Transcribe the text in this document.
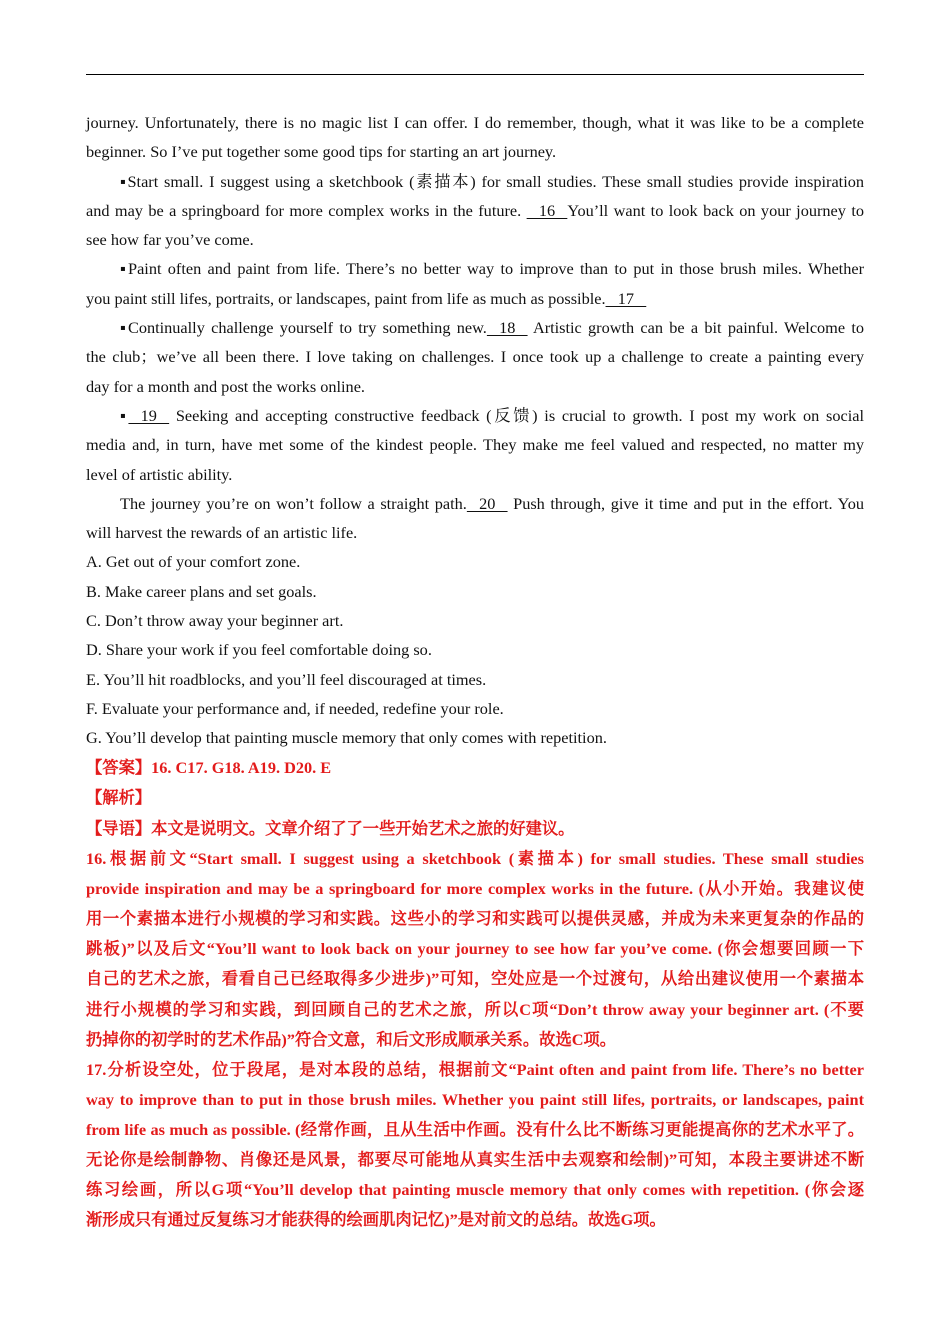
journey. Unfortunately, there is no magic list I can offer. I do remember, though, what it was like to be a complete
beginner. So I’ve put together some good tips for starting an art journey.
▪Start small. I suggest using a sketchbook (素描本) for small studies. These small studies provide inspiration
and may be a springboard for more complex works in the future.    16   You’ll want to look back on your journey to
see how far you’ve come.
▪Paint often and paint from life. There’s no better way to improve than to put in those brush miles. Whether
you paint still lifes, portraits, or landscapes, paint from life as much as possible.   17
▪Continually challenge yourself to try something new.   18    Artistic growth can be a bit painful. Welcome to
the club；we’ve all been there. I love taking on challenges. I once took up a challenge to create a painting every
day for a month and post the works online.
▪   19    Seeking and accepting constructive feedback (反馈) is crucial to growth. I post my work on social
media and, in turn, have met some of the kindest people. They make me feel valued and respected, no matter my
level of artistic ability.
The journey you’re on won’t follow a straight path.   20    Push through, give it time and put in the effort. You
will harvest the rewards of an artistic life.
A. Get out of your comfort zone.
B. Make career plans and set goals.
C. Don’t throw away your beginner art.
D. Share your work if you feel comfortable doing so.
E. You’ll hit roadblocks, and you’ll feel discouraged at times.
F. Evaluate your performance and, if needed, redefine your role.
G. You’ll develop that painting muscle memory that only comes with repetition.
【答案】16. C17. G18. A19. D20. E
【解析】
【导语】本文是说明文。文章介绍了了一些开始艺术之旅的好建议。
16.根据前文“Start small. I suggest using a sketchbook (素描本) for small studies. These small studies
provide inspiration and may be a springboard for more complex works in the future. (从小开始。我建议使
用一个素描本进行小规模的学习和实践。这些小的学习和实践可以提供灵感，并成为未来更复杂的作品的
跳板)”以及后文“You’ll want to look back on your journey to see how far you’ve come. (你会想要回顾一下
自己的艺术之旅，看看自己已经取得多少进步)”可知，空处应是一个过渡句，从给出建议使用一个素描本
进行小规模的学习和实践，到回顾自己的艺术之旅，所以C项“Don’t throw away your beginner art. (不要
扔掉你的初学时的艺术作品)”符合文意，和后文形成顺承关系。故选C项。
17.分析设空处，位于段尾，是对本段的总结，根据前文“Paint often and paint from life. There’s no better
way to improve than to put in those brush miles. Whether you paint still lifes, portraits, or landscapes, paint
from life as much as possible. (经常作画，且从生活中作画。没有什么比不断练习更能提高你的艺术水平了。
无论你是绘制静物、肖像还是风景，都要尽可能地从真实生活中去观察和绘制)”可知，本段主要讲述不断
练习绘画，所以G项“You’ll develop that painting muscle memory that only comes with repetition. (你会逐
渐形成只有通过反复练习才能获得的绘画肌肉记忆)”是对前文的总结。故选G项。
